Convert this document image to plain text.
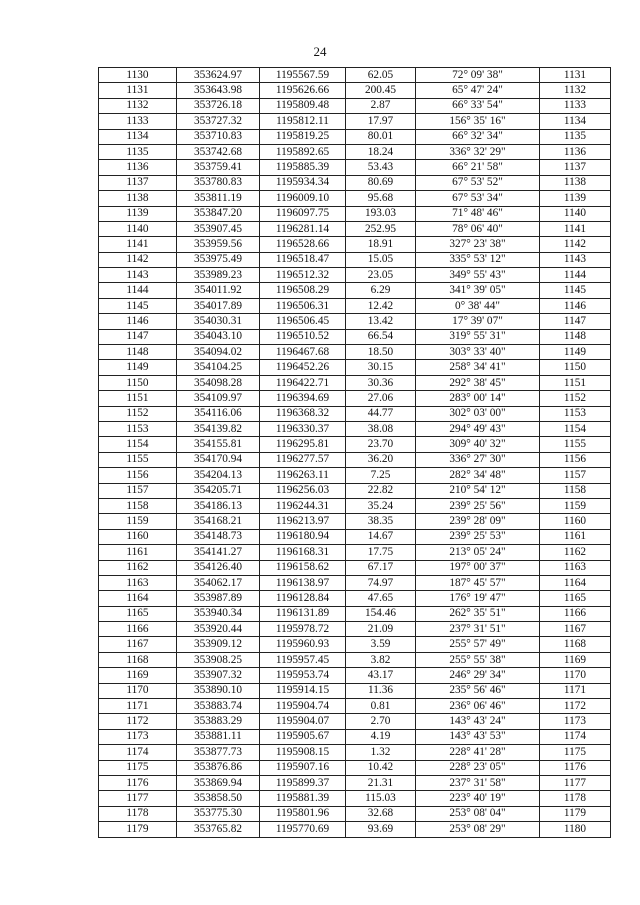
24
1130	353624.97	1195567.59	62.05	72° 09' 38"	1131
1131	353643.98	1195626.66	200.45	65° 47' 24"	1132
1132	353726.18	1195809.48	2.87	66° 33' 54"	1133
1133	353727.32	1195812.11	17.97	156° 35' 16"	1134
1134	353710.83	1195819.25	80.01	66° 32' 34"	1135
1135	353742.68	1195892.65	18.24	336° 32' 29"	1136
1136	353759.41	1195885.39	53.43	66° 21' 58"	1137
1137	353780.83	1195934.34	80.69	67° 53' 52"	1138
1138	353811.19	1196009.10	95.68	67° 53' 34"	1139
1139	353847.20	1196097.75	193.03	71° 48' 46"	1140
1140	353907.45	1196281.14	252.95	78° 06' 40"	1141
1141	353959.56	1196528.66	18.91	327° 23' 38"	1142
1142	353975.49	1196518.47	15.05	335° 53' 12"	1143
1143	353989.23	1196512.32	23.05	349° 55' 43"	1144
1144	354011.92	1196508.29	6.29	341° 39' 05"	1145
1145	354017.89	1196506.31	12.42	0° 38' 44"	1146
1146	354030.31	1196506.45	13.42	17° 39' 07"	1147
1147	354043.10	1196510.52	66.54	319° 55' 31"	1148
1148	354094.02	1196467.68	18.50	303° 33' 40"	1149
1149	354104.25	1196452.26	30.15	258° 34' 41"	1150
1150	354098.28	1196422.71	30.36	292° 38' 45"	1151
1151	354109.97	1196394.69	27.06	283° 00' 14"	1152
1152	354116.06	1196368.32	44.77	302° 03' 00"	1153
1153	354139.82	1196330.37	38.08	294° 49' 43"	1154
1154	354155.81	1196295.81	23.70	309° 40' 32"	1155
1155	354170.94	1196277.57	36.20	336° 27' 30"	1156
1156	354204.13	1196263.11	7.25	282° 34' 48"	1157
1157	354205.71	1196256.03	22.82	210° 54' 12"	1158
1158	354186.13	1196244.31	35.24	239° 25' 56"	1159
1159	354168.21	1196213.97	38.35	239° 28' 09"	1160
1160	354148.73	1196180.94	14.67	239° 25' 53"	1161
1161	354141.27	1196168.31	17.75	213° 05' 24"	1162
1162	354126.40	1196158.62	67.17	197° 00' 37"	1163
1163	354062.17	1196138.97	74.97	187° 45' 57"	1164
1164	353987.89	1196128.84	47.65	176° 19' 47"	1165
1165	353940.34	1196131.89	154.46	262° 35' 51"	1166
1166	353920.44	1195978.72	21.09	237° 31' 51"	1167
1167	353909.12	1195960.93	3.59	255° 57' 49"	1168
1168	353908.25	1195957.45	3.82	255° 55' 38"	1169
1169	353907.32	1195953.74	43.17	246° 29' 34"	1170
1170	353890.10	1195914.15	11.36	235° 56' 46"	1171
1171	353883.74	1195904.74	0.81	236° 06' 46"	1172
1172	353883.29	1195904.07	2.70	143° 43' 24"	1173
1173	353881.11	1195905.67	4.19	143° 43' 53"	1174
1174	353877.73	1195908.15	1.32	228° 41' 28"	1175
1175	353876.86	1195907.16	10.42	228° 23' 05"	1176
1176	353869.94	1195899.37	21.31	237° 31' 58"	1177
1177	353858.50	1195881.39	115.03	223° 40' 19"	1178
1178	353775.30	1195801.96	32.68	253° 08' 04"	1179
1179	353765.82	1195770.69	93.69	253° 08' 29"	1180
